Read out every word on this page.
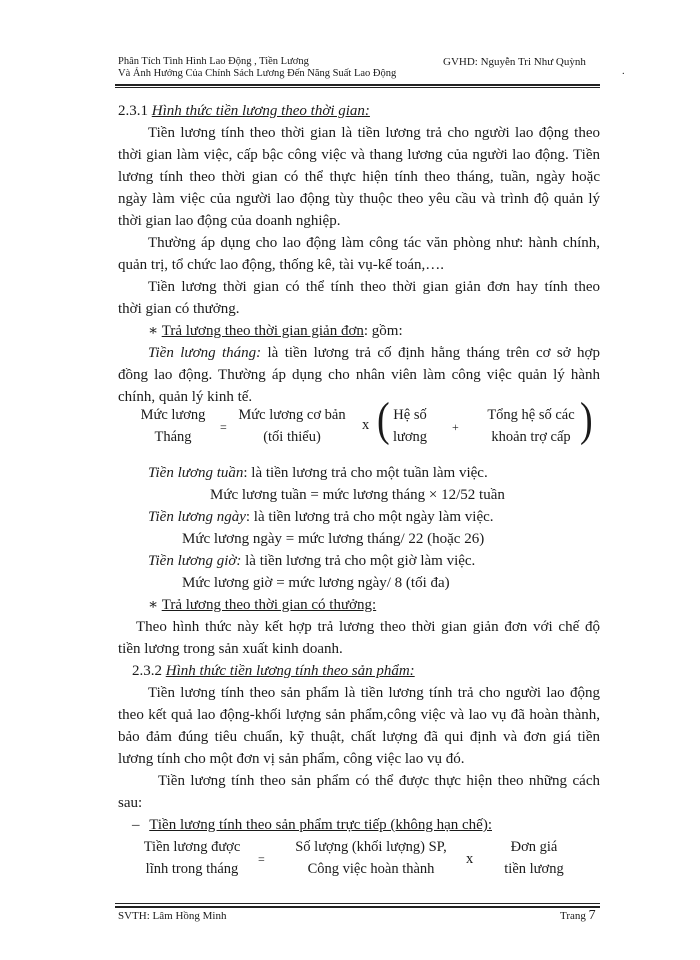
Phân Tích Tình Hình Lao Động , Tiền Lương
Và Ảnh Hưởng Của Chính Sách Lương Đến Năng Suất Lao Động
GVHD: Nguyễn Tri Như Quỳnh
.
2.3.1 Hình thức tiền lương theo thời gian:
Tiền lương tính theo thời gian là tiền lương trả cho người lao động theo
thời gian làm việc, cấp bậc công việc và thang lương của người lao động. Tiền
lương tính theo thời gian có thể thực hiện tính theo tháng, tuần, ngày hoặc
ngày làm việc của người lao động tùy thuộc theo yêu cầu và trình độ quản lý
thời gian lao động của doanh nghiệp.
Thường áp dụng cho lao động làm công tác văn phòng như: hành chính,
quản trị, tổ chức lao động, thống kê, tài vụ-kế toán,….
Tiền lương thời gian có thể tính theo thời gian giản đơn hay tính theo
thời gian có thưởng.
∗ Trả lương theo thời gian giản đơn: gồm:
Tiền lương tháng: là tiền lương trả cố định hằng tháng trên cơ sở hợp
đồng lao động. Thường áp dụng cho nhân viên làm công việc quản lý hành
chính, quản lý kinh tế.
Mức lương
Tháng
=
Mức lương cơ bản
(tối thiểu)
x ( Hệ số
lương
+
Tổng hệ số các
khoản trợ cấp )
Tiền lương tuần: là tiền lương trả cho một tuần làm việc.
Mức lương tuần = mức lương tháng × 12/52 tuần
Tiền lương ngày: là tiền lương trả cho một ngày làm việc.
Mức lương ngày = mức lương tháng/ 22 (hoặc 26)
Tiền lương giờ: là tiền lương trả cho một giờ làm việc.
Mức lương giờ = mức lương ngày/ 8 (tối đa)
∗ Trả lương theo thời gian có thưởng:
Theo hình thức này kết hợp trả lương theo thời gian giản đơn với chế độ
tiền lương trong sản xuất kinh doanh.
2.3.2 Hình thức tiền lương tính theo sản phẩm:
Tiền lương tính theo sản phẩm là tiền lương tính trả cho người lao động
theo kết quả lao động-khối lượng sản phẩm,công việc và lao vụ đã hoàn thành,
bảo đảm đúng tiêu chuẩn, kỹ thuật, chất lượng đã qui định và đơn giá tiền
lương tính cho một đơn vị sản phẩm, công việc lao vụ đó.
Tiền lương tính theo sản phẩm có thể được thực hiện theo những cách
sau:
– Tiền lương tính theo sản phẩm trực tiếp (không hạn chế):
Tiền lương được
lĩnh trong tháng
=
Số lượng (khối lượng) SP,
Công việc hoàn thành
x
Đơn giá
tiền lương
SVTH: Lâm Hồng Minh	Trang 7
